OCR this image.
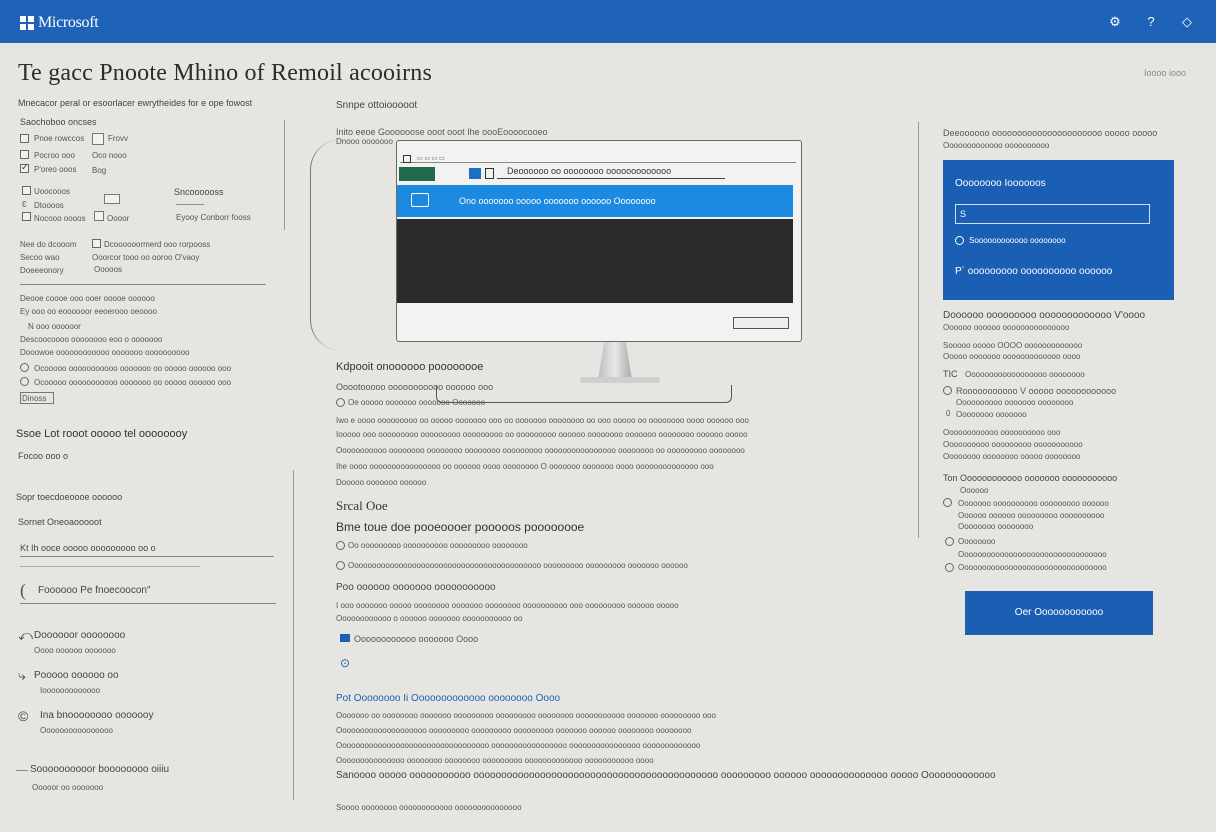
Microsoft	⚙ ? ◇
Te gacc Pnoote Mhino of Remoil acooirns	Ioooo iooo
Mnecacor peral or esoorlacer ewrytheides for e ope fowost
Saochoboo oncses
Pnoe rowccos	Frovv
Pocroo ooo Oco nooo
✓
P'oreo ooos Bog
Uoocooos
Ɛ Dtoooos
Nocooo oooos	Oooor
Sncoooooss
─────
Eyooy Conborr fooss
Nee do dcooom	Dcoooooormerd ooo rorpooss
Secoo wao	Ooorcor tooo oo ooroo O'vaoy
Doeeeonory	Ooooos
Deooe coooe ooo ooer ooooe oooooo
Ey ooo oo eoooooor eeoerooo oeoooo
N ooo oooooor
Descoocoooo oooooooo eoo o ooooooo
Dooowoe oooooooooooo ooooooo oooooooooo
Ocooooo ooooooooooo ooooooo oo ooooo oooooo ooo
Ocooooo ooooooooooo ooooooo oo ooooo oooooo ooo
Dinoss
Ssoe Lot rooot ooooo tel oooooooy
Focoo ooo o
Sopr toecdoeoooe oooooo
Sornet Oneoaooooot
Kt Ih ooce ooooo ooooooooo oo o
( Foooooo Pe fnoecoocon"
⤺ Doooooor oooooooo
Oooo oooooo ooooooo
⤷ Pooooo oooooo oo
Iooooooooooooo
© Ina bnoooooooo ooooooy
Oooooooooooooooo
Soooooooooor boooooooo oiiiu
Ooooor oo ooooooo
Snnpe ottoiooooot
Inito eeoe Goooooose ooot ooot Ihe oooEoooocooeo
Dnooo ooooooo
▭ ▭ ▭ ▭
Deoooooo oo oooooooo ooooooooooooo
Ono ooooooo ooooo ooooooo oooooo Oooooooo
Kdpooit onoooooo poooooooe
Ooootooooo ooooooooooo oooooo ooo
Oe ooooo ooooooo ooooooo Ooooooo
Iwo e oooo ooooooooo oo ooooo ooooooo ooo oo ooooooo oooooooo oo ooo ooooo oo oooooooo oooo oooooo ooo
Iooooo ooo ooooooooo ooooooooo ooooooooo oo ooooooooo oooooo oooooooo ooooooo oooooooo oooooo ooooo
Ooooooooooo oooooooo oooooooo oooooooo ooooooooo oooooooooooooooo oooooooo oo ooooooooo oooooooo
Ihe oooo oooooooooooooooo oo oooooo oooo oooooooo O ooooooo ooooooo oooo oooooooooooooo ooo
Dooooo ooooooo oooooo
Srcal Ooe
Bme toue doe pooeoooer pooooos poooooooe
Oo ooooooooo oooooooooo ooooooooo oooooooo
Ooooooooooooooooooooooooooooooooooooooooooo ooooooooo ooooooooo ooooooo oooooo
Poo oooooo ooooooo ooooooooooo
I ooo ooooooo ooooo oooooooo ooooooo oooooooo oooooooooo ooo ooooooooo oooooo ooooo
Oooooooooooo o oooooo ooooooo ooooooooooo oo
⊙
Oooooooooooo ooooooo Oooo
Pot Oooooooo Ii Ooooooooooooo oooooooo Oooo
Ooooooo oo oooooooo ooooooo ooooooooo ooooooooo oooooooo ooooooooooo ooooooo ooooooooo ooo
Oooooooooooooooooooo ooooooooo ooooooooo ooooooooo ooooooo oooooo oooooooo oooooooo
Oooooooooooooooooooooooooooooooooo ooooooooooooooooo oooooooooooooooo ooooooooooooo
Ooooooooooooooo oooooooo oooooooo ooooooooo ooooooooooooo ooooooooooo oooo
Sanoooo ooooo ooooooooooo oooooooooooooooooooooooooooooooooooooooooooo ooooooooo oooooo oooooooooooooo ooooo Ooooooooooooo
Soooo oooooooo oooooooooooo ooooooooooooooo
Deeoooooo oooooooooooooooooooooo ooooo ooooo
Ooooooooooooo oooooooooo
Oooooooo Ioooooos
S
Soooooooooooo oooooooo
P´ ooooooooo oooooooooo oooooo
Doooooo ooooooooo ooooooooooooo V'oooo
Oooooo oooooo ooooooooooooooo
Sooooo ooooo OOOO ooooooooooooo
Ooooo ooooooo ooooooooooooo oooo
TIC Oooooooooooooooooo oooooooo
Rooooooooooo V ooooo oooooooooooo
Oooooooooo ooooooo oooooooo
0 Oooooooo ooooooo
Oooooooooooo oooooooooo ooo
Oooooooooo ooooooooo ooooooooooo
Oooooooo oooooooo ooooo oooooooo
Ton Oooooooooooo ooooooo ooooooooooo
Oooooo
Ooooooo oooooooooo ooooooooo oooooo
Oooooo oooooo ooooooooo oooooooooo
Oooooooo oooooooo
Oooooooo
Ooooooooooooooooooooooooooooooooo
Ooooooooooooooooooooooooooooooooo
Oer Oooooooooooo
